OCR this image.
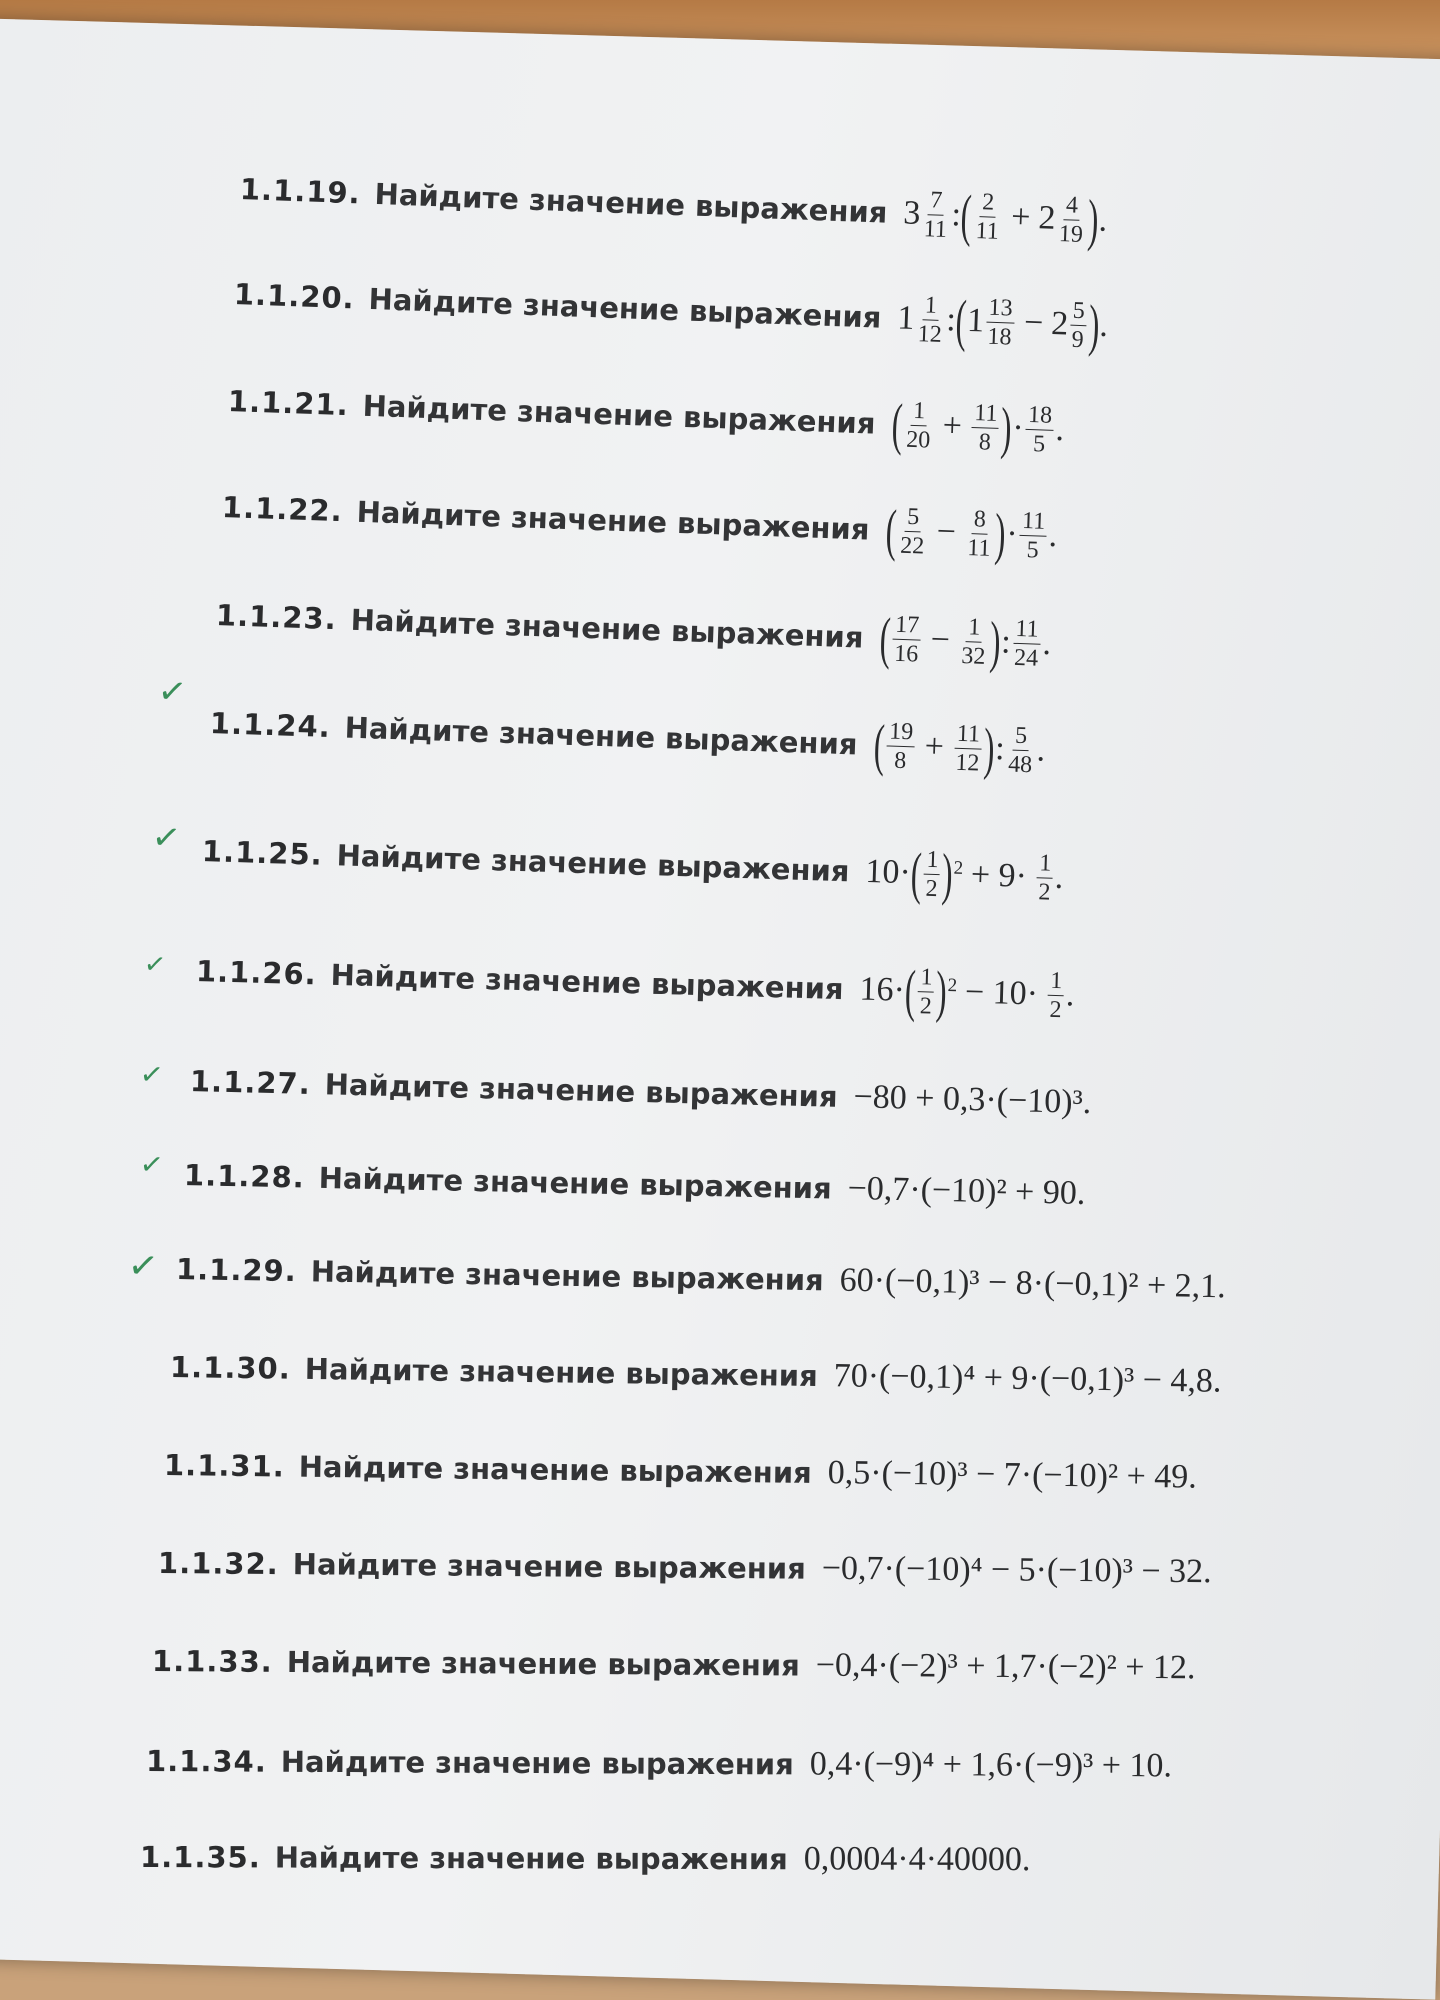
1.1.19. Найдите значение выражения $3 \frac{7}{11}$ :
( $\frac{2}{11} + 2 \frac{4}{19}$ )
.
1.1.20. Найдите значение выражения $1 \frac{1}{12}$ :
(
$1 \frac{13}{18} - 2 \frac{5}{9}$ )
.
1.1.21. Найдите значение выражения ( $\frac{1}{20} + \frac{11}{8}$ )
· $\frac{18}{5}$ .
1.1.22. Найдите значение выражения ( $\frac{5}{22} - \frac{8}{11}$ )
· $\frac{11}{5}$ .
1.1.23. Найдите значение выражения ( $\frac{17}{16} - \frac{1}{32}$ )
: $\frac{11}{24}$ .
✓
1.1.24. Найдите значение выражения ( $\frac{19}{8} + \frac{11}{12}$ )
: $\frac{5}{48}$ .
✓ 1.1.25. Найдите значение выражения 10·
( $\frac{1}{2} )^2 + 9\cdot \frac{1}{2}$ .
✓ 1.1.26. Найдите значение выражения 16·
( $\frac{1}{2} )^2 - 10\cdot \frac{1}{2}$ .
✓ 1.1.27. Найдите значение выражения −80 + 0,3·(−10)³.
✓ 1.1.28. Найдите значение выражения −0,7·(−10)² + 90.
✓ 1.1.29. Найдите значение выражения 60·(−0,1)³ − 8·(−0,1)² + 2,1.
1.1.30. Найдите значение выражения 70·(−0,1)⁴ + 9·(−0,1)³ − 4,8.
1.1.31. Найдите значение выражения 0,5·(−10)³ − 7·(−10)² + 49.
1.1.32. Найдите значение выражения −0,7·(−10)⁴ − 5·(−10)³ − 32.
1.1.33. Найдите значение выражения −0,4·(−2)³ + 1,7·(−2)² + 12.
1.1.34. Найдите значение выражения 0,4·(−9)⁴ + 1,6·(−9)³ + 10.
1.1.35. Найдите значение выражения 0,0004·4·40000.
